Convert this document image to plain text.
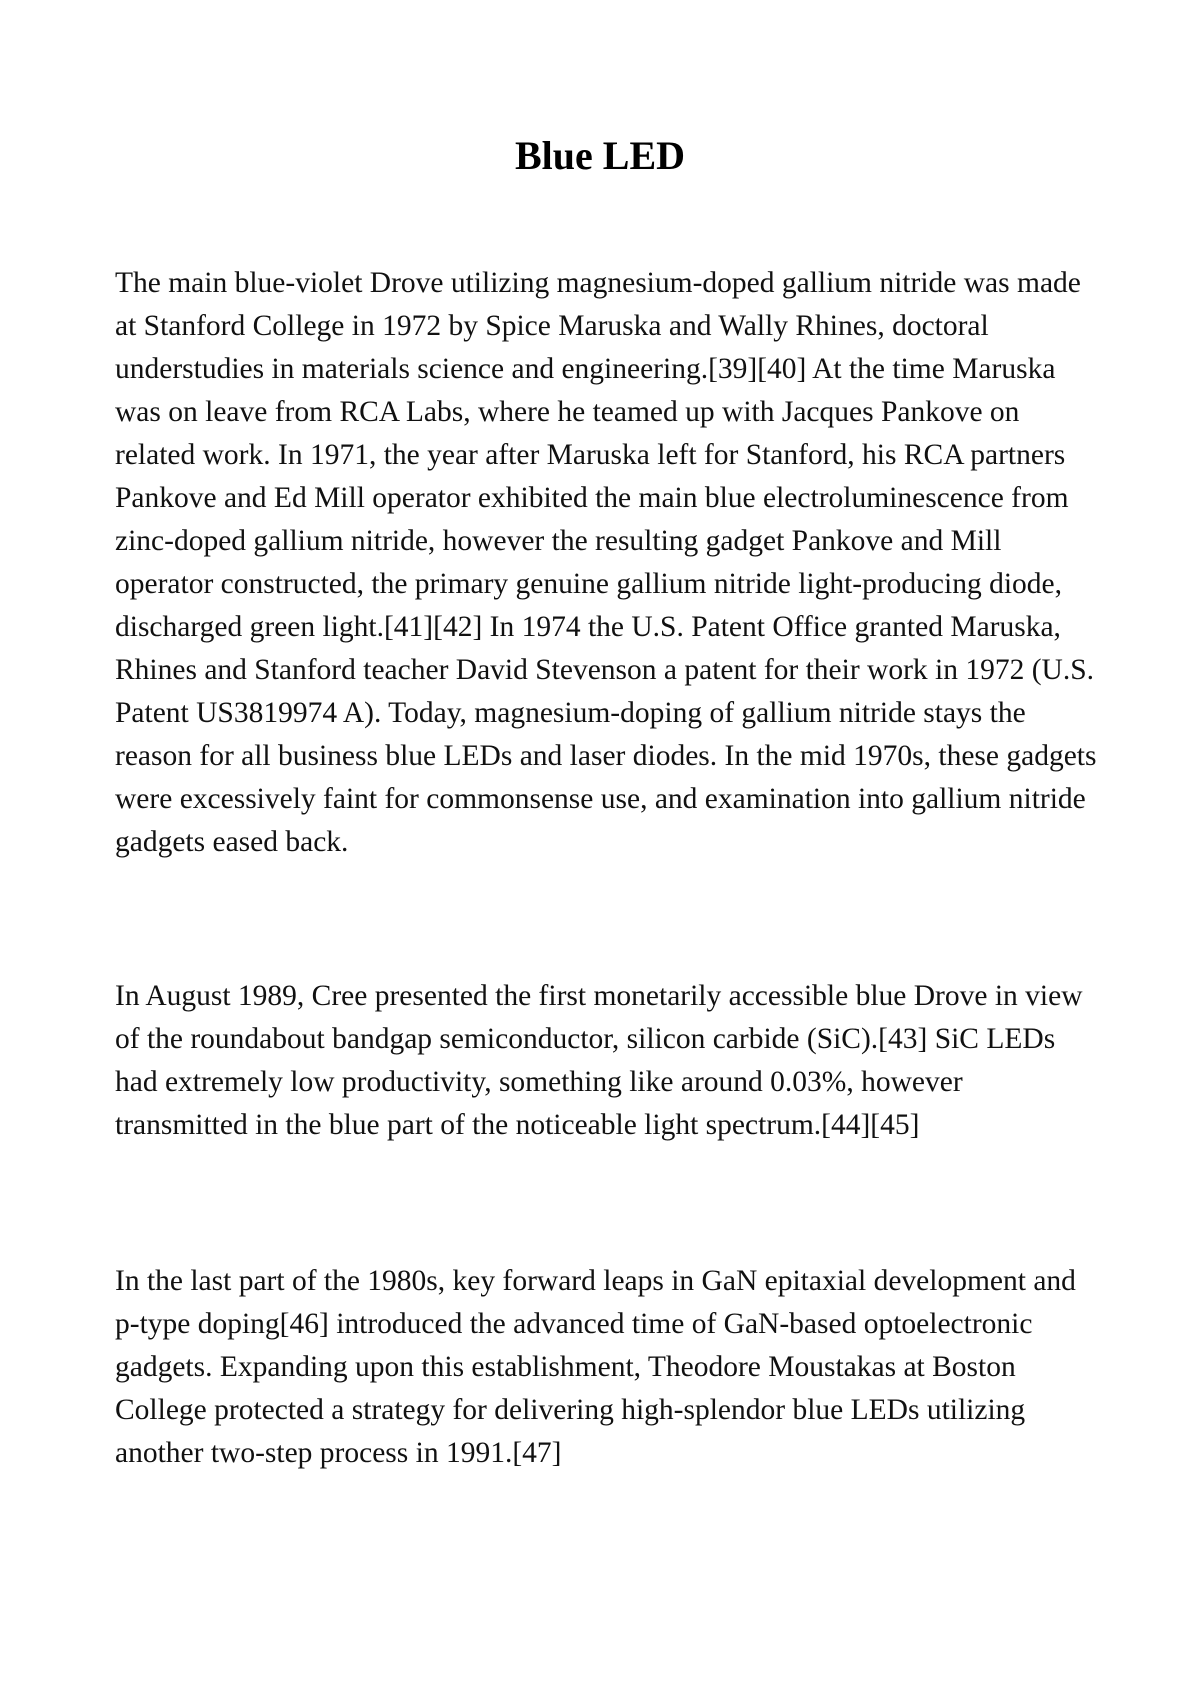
Blue LED

The main blue-violet Drove utilizing magnesium-doped gallium nitride was made at Stanford College in 1972 by Spice Maruska and Wally Rhines, doctoral understudies in materials science and engineering.[39][40] At the time Maruska was on leave from RCA Labs, where he teamed up with Jacques Pankove on related work. In 1971, the year after Maruska left for Stanford, his RCA partners Pankove and Ed Mill operator exhibited the main blue electroluminescence from zinc-doped gallium nitride, however the resulting gadget Pankove and Mill operator constructed, the primary genuine gallium nitride light-producing diode, discharged green light.[41][42] In 1974 the U.S. Patent Office granted Maruska, Rhines and Stanford teacher David Stevenson a patent for their work in 1972 (U.S. Patent US3819974 A). Today, magnesium-doping of gallium nitride stays the reason for all business blue LEDs and laser diodes. In the mid 1970s, these gadgets were excessively faint for commonsense use, and examination into gallium nitride gadgets eased back.

In August 1989, Cree presented the first monetarily accessible blue Drove in view of the roundabout bandgap semiconductor, silicon carbide (SiC).[43] SiC LEDs had extremely low productivity, something like around 0.03%, however transmitted in the blue part of the noticeable light spectrum.[44][45]

In the last part of the 1980s, key forward leaps in GaN epitaxial development and p-type doping[46] introduced the advanced time of GaN-based optoelectronic gadgets. Expanding upon this establishment, Theodore Moustakas at Boston College protected a strategy for delivering high-splendor blue LEDs utilizing another two-step process in 1991.[47]
